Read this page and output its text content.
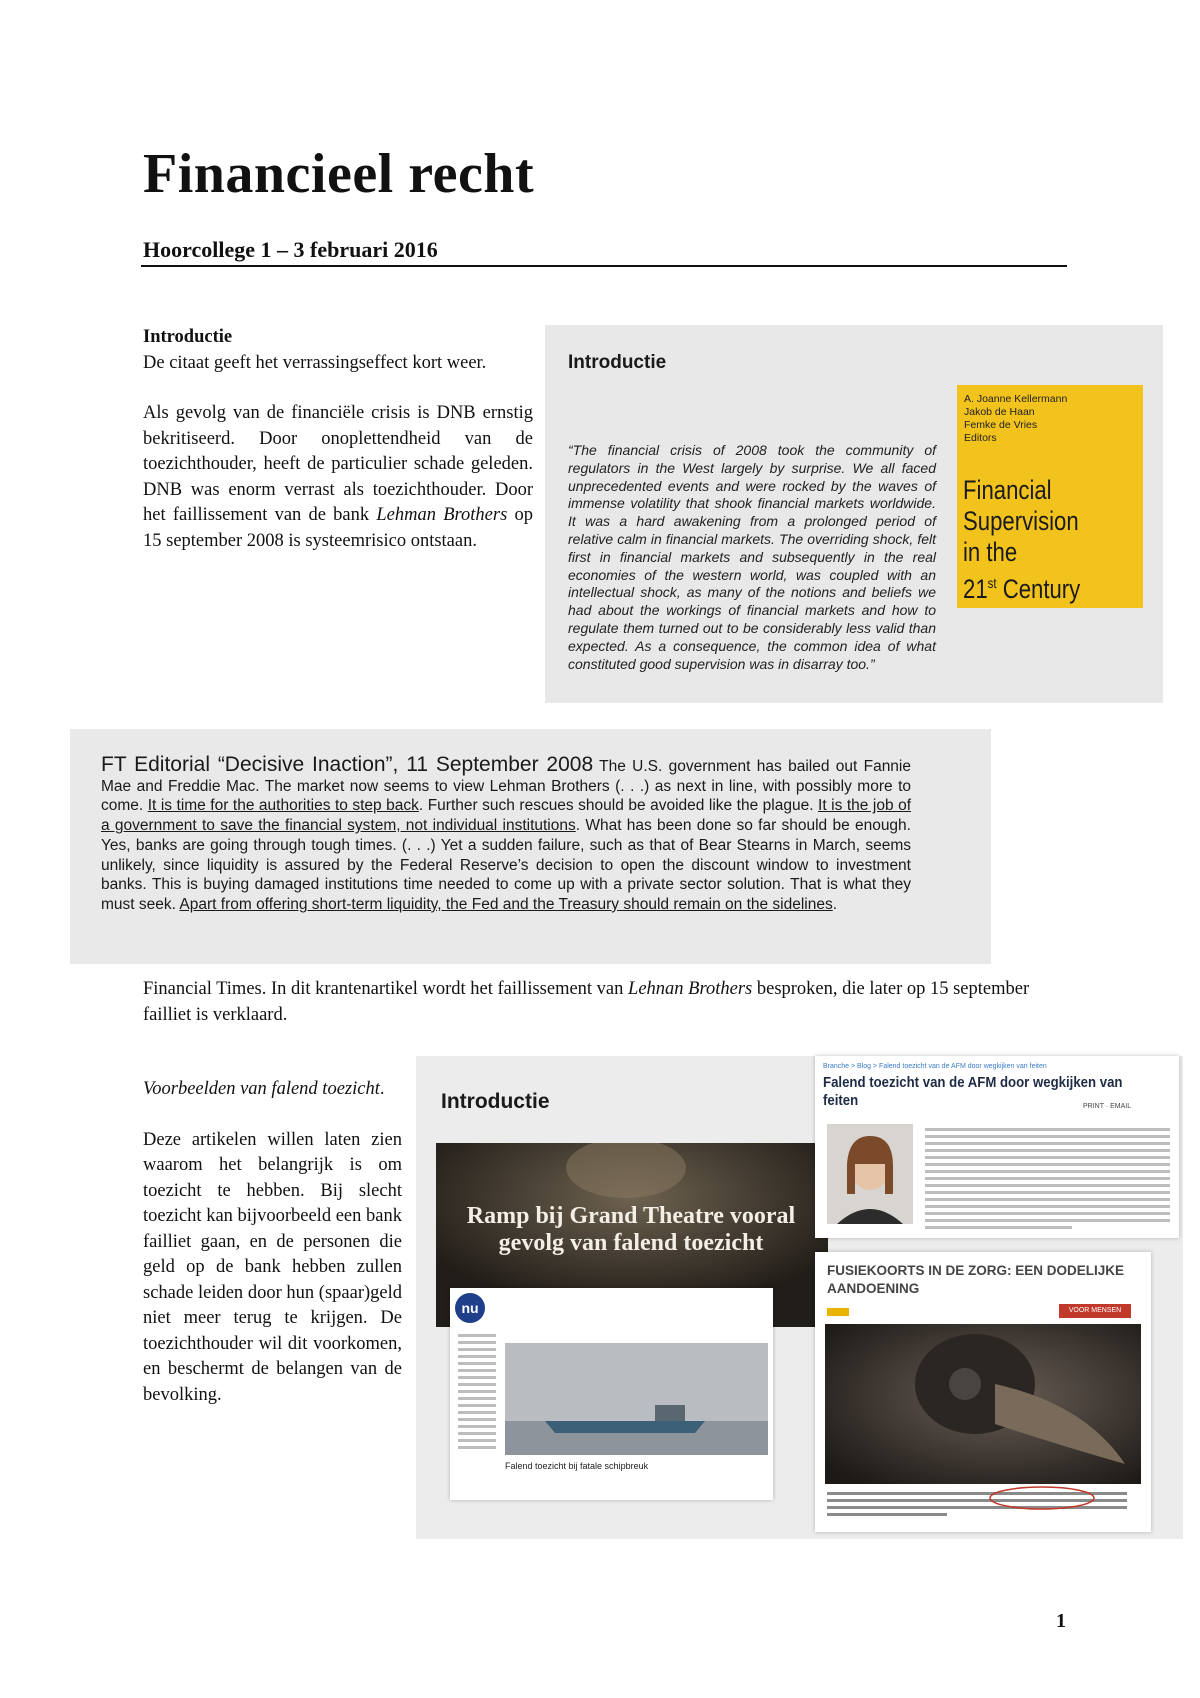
Financieel recht
Hoorcollege 1 – 3 februari 2016
Introductie
De citaat geeft het verrassingseffect kort weer.
Als gevolg van de financiële crisis is DNB ernstig bekritiseerd. Door onoplettendheid van de toezichthouder, heeft de particulier schade geleden. DNB was enorm verrast als toezichthouder. Door het faillissement van de bank Lehman Brothers op 15 september 2008 is systeemrisico ontstaan.
Introductie
“The financial crisis of 2008 took the community of regulators in the West largely by surprise. We all faced unprecedented events and were rocked by the waves of immense volatility that shook financial markets worldwide. It was a hard awakening from a prolonged period of relative calm in financial markets. The overriding shock, felt first in financial markets and subsequently in the real economies of the western world, was coupled with an intellectual shock, as many of the notions and beliefs we had about the workings of financial markets and how to regulate them turned out to be considerably less valid than expected. As a consequence, the common idea of what constituted good supervision was in disarray too.”
A. Joanne Kellermann
Jakob de Haan
Femke de Vries
Editors
Financial
Supervision
in the
21st Century
FT Editorial “Decisive Inaction”, 11 September 2008 The U.S. government has bailed out Fannie Mae and Freddie Mac. The market now seems to view Lehman Brothers (. . .) as next in line, with possibly more to come. It is time for the authorities to step back. Further such rescues should be avoided like the plague. It is the job of a government to save the financial system, not individual institutions. What has been done so far should be enough. Yes, banks are going through tough times. (. . .) Yet a sudden failure, such as that of Bear Stearns in March, seems unlikely, since liquidity is assured by the Federal Reserve’s decision to open the discount window to investment banks. This is buying damaged institutions time needed to come up with a private sector solution. That is what they must seek. Apart from offering short-term liquidity, the Fed and the Treasury should remain on the sidelines.
Financial Times. In dit krantenartikel wordt het faillissement van Lehnan Brothers besproken, die later op 15 september failliet is verklaard.
Voorbeelden van falend toezicht.
Deze artikelen willen laten zien waarom het belangrijk is om toezicht te hebben. Bij slecht toezicht kan bijvoorbeeld een bank failliet gaan, en de personen die geld op de bank hebben zullen schade leiden door hun (spaar)geld niet meer terug te krijgen. De toezichthouder wil dit voorkomen, en beschermt de belangen van de bevolking.
Introductie
Ramp bij Grand Theatre vooral gevolg van falend toezicht
nu
Falend toezicht bij fatale schipbreuk
Branche > Blog > Falend toezicht van de AFM door wegkijken van feiten
Falend toezicht van de AFM door wegkijken van feiten	PRINT · EMAIL
FUSIEKOORTS IN DE ZORG: EEN DODELIJKE AANDOENING
VOOR MENSEN
1
